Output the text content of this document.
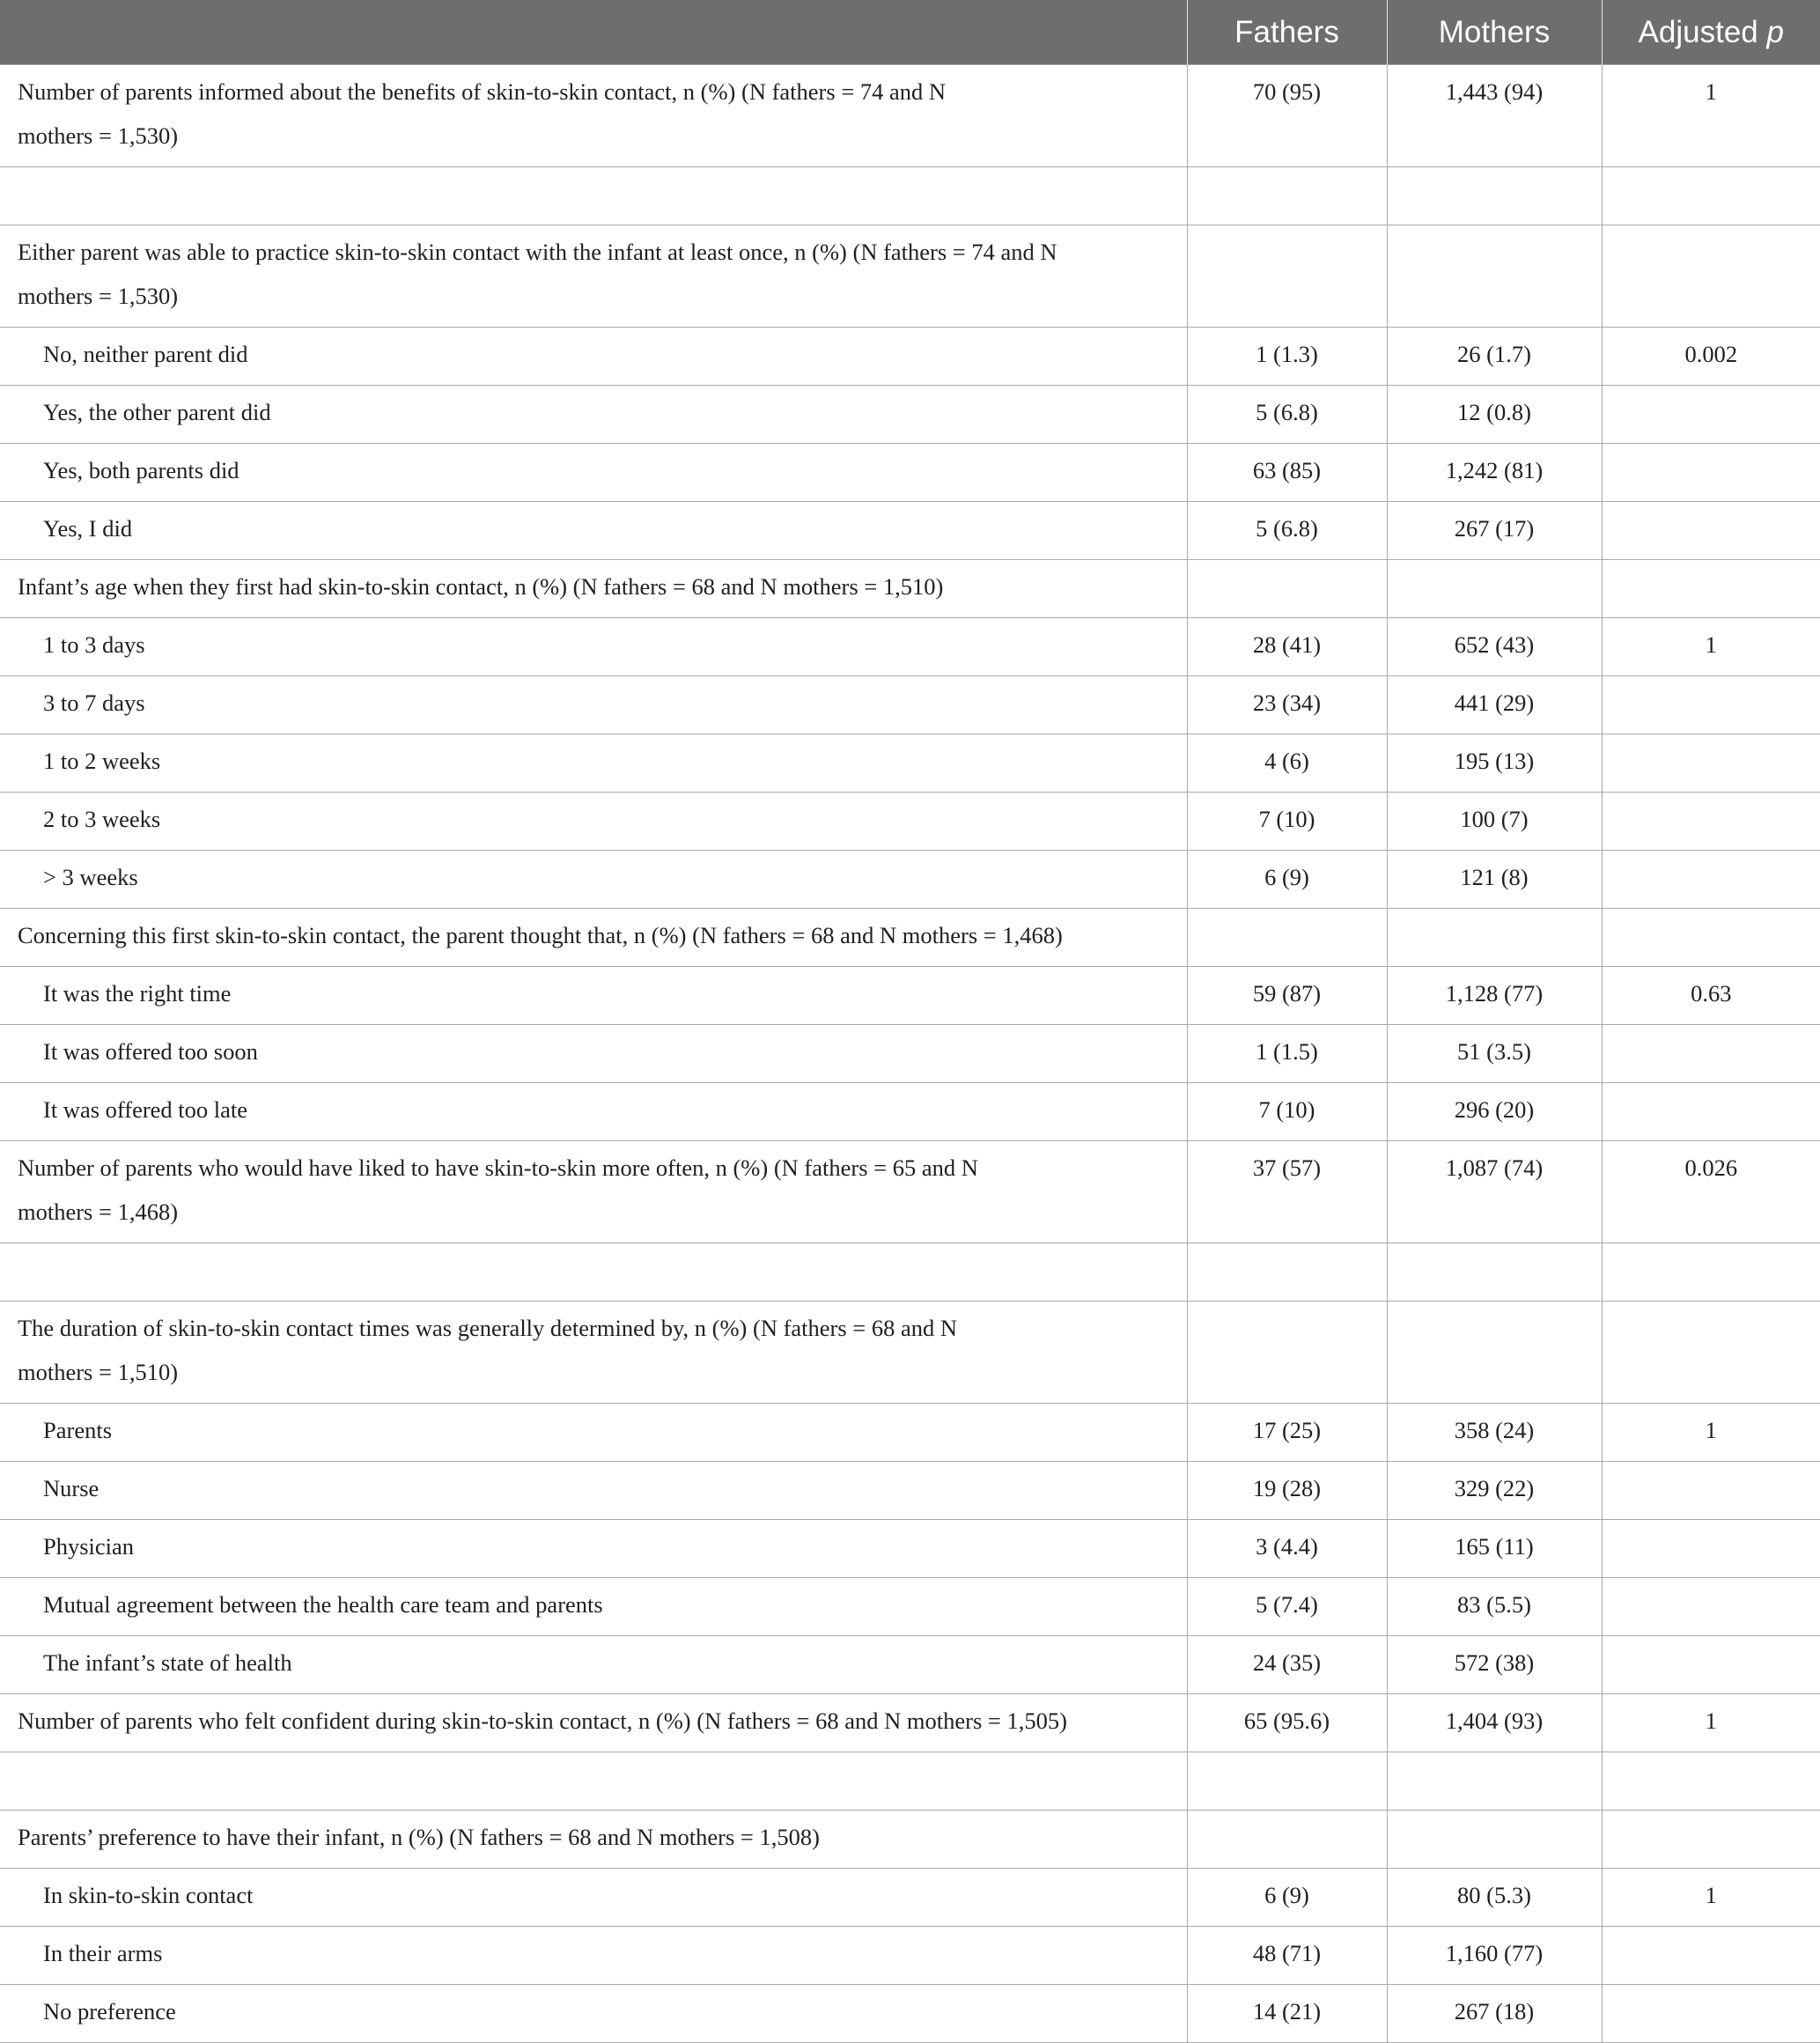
	Fathers	Mothers	Adjusted p

Number of parents informed about the benefits of skin-to-skin contact, n (%) (N fathers = 74 and N
mothers = 1,530)	70 (95)	1,443 (94)	1

Either parent was able to practice skin-to-skin contact with the infant at least once, n (%) (N fathers = 74 and N
mothers = 1,530)			

No, neither parent did	1 (1.3)	26 (1.7)	0.002

Yes, the other parent did	5 (6.8)	12 (0.8)	

Yes, both parents did	63 (85)	1,242 (81)	

Yes, I did	5 (6.8)	267 (17)	

Infant’s age when they first had skin-to-skin contact, n (%) (N fathers = 68 and N mothers = 1,510)			

1 to 3 days	28 (41)	652 (43)	1

3 to 7 days	23 (34)	441 (29)	

1 to 2 weeks	4 (6)	195 (13)	

2 to 3 weeks	7 (10)	100 (7)	

> 3 weeks	6 (9)	121 (8)	

Concerning this first skin-to-skin contact, the parent thought that, n (%) (N fathers = 68 and N mothers = 1,468)			

It was the right time	59 (87)	1,128 (77)	0.63

It was offered too soon	1 (1.5)	51 (3.5)	

It was offered too late	7 (10)	296 (20)	

Number of parents who would have liked to have skin-to-skin more often, n (%) (N fathers = 65 and N
mothers = 1,468)	37 (57)	1,087 (74)	0.026

The duration of skin-to-skin contact times was generally determined by, n (%) (N fathers = 68 and N
mothers = 1,510)			

Parents	17 (25)	358 (24)	1

Nurse	19 (28)	329 (22)	

Physician	3 (4.4)	165 (11)	

Mutual agreement between the health care team and parents	5 (7.4)	83 (5.5)	

The infant’s state of health	24 (35)	572 (38)	

Number of parents who felt confident during skin-to-skin contact, n (%) (N fathers = 68 and N mothers = 1,505)	65 (95.6)	1,404 (93)	1

Parents’ preference to have their infant, n (%) (N fathers = 68 and N mothers = 1,508)			

In skin-to-skin contact	6 (9)	80 (5.3)	1

In their arms	48 (71)	1,160 (77)	

No preference	14 (21)	267 (18)	
